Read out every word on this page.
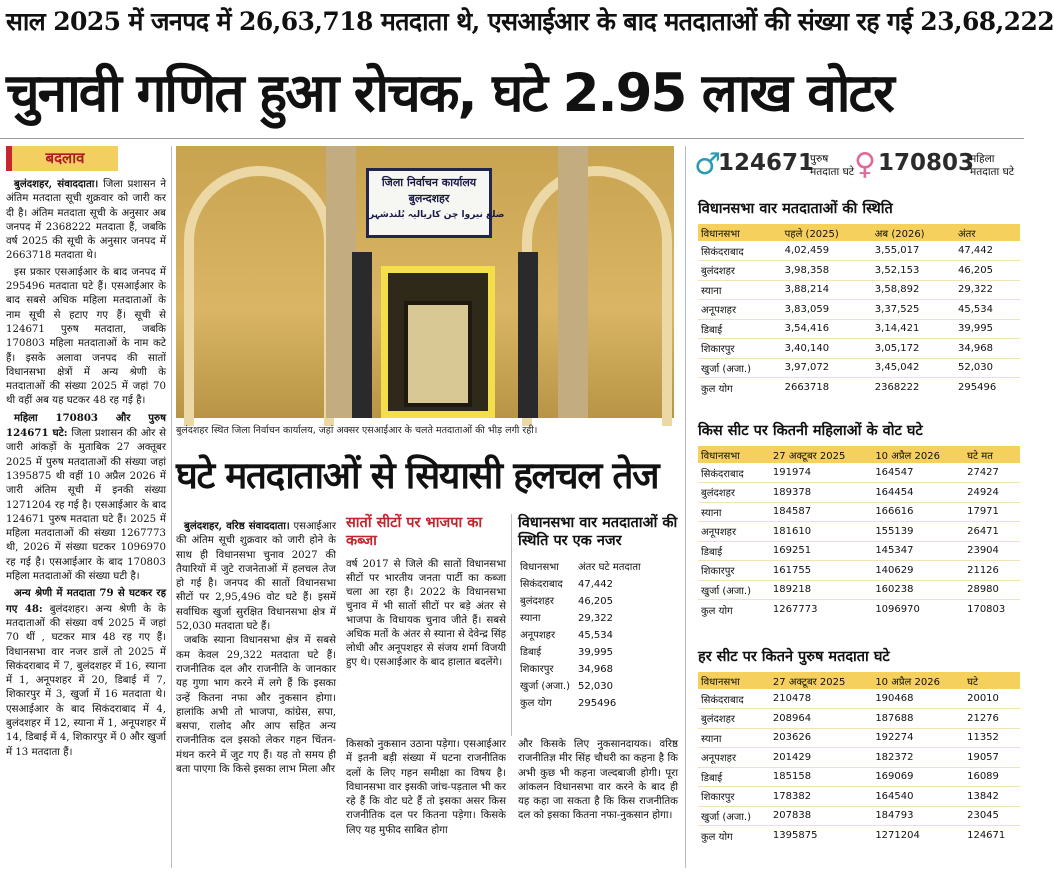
साल 2025 में जनपद में 26,63,718 मतदाता थे, एसआईआर के बाद मतदाताओं की संख्या रह गई 23,68,222
चुनावी गणित हुआ रोचक, घटे 2.95 लाख वोटर
बदलाव

बुलंदशहर, संवाददाता। जिला प्रशासन ने अंतिम मतदाता सूची शुक्रवार को जारी कर दी है। अंतिम मतदाता सूची के अनुसार अब जनपद में 2368222 मतदाता हैं, जबकि वर्ष 2025 की सूची के अनुसार जनपद में 2663718 मतदाता थे।

इस प्रकार एसआईआर के बाद जनपद में 295496 मतदाता घटे हैं। एसआईआर के बाद सबसे अधिक महिला मतदाताओं के नाम सूची से हटाए गए हैं। सूची से 124671 पुरुष मतदाता, जबकि 170803 महिला मतदाताओं के नाम कटे हैं। इसके अलावा जनपद की सातों विधानसभा क्षेत्रों में अन्य श्रेणी के मतदाताओं की संख्या 2025 में जहां 70 थी वहीं अब यह घटकर 48 रह गई है।

महिला 170803 और पुरुष 124671 घटे: जिला प्रशासन की ओर से जारी आंकड़ों के मुताबिक 27 अक्तूबर 2025 में पुरुष मतदाताओं की संख्या जहां 1395875 थी वहीं 10 अप्रैल 2026 में जारी अंतिम सूची में इनकी संख्या 1271204 रह गई है। एसआईआर के बाद 124671 पुरुष मतदाता घटे हैं। 2025 में महिला मतदाताओं की संख्या 1267773 थी, 2026 में संख्या घटकर 1096970 रह गई है। एसआईआर के बाद 170803 महिला मतदाताओं की संख्या घटी है।

अन्य श्रेणी में मतदाता 79 से घटकर रह गए 48: बुलंदशहर। अन्य श्रेणी के के मतदाताओं की संख्या वर्ष 2025 में जहां 70 थीं , घटकर मात्र 48 रह गए हैं। विधानसभा वार नजर डालें तो 2025 में सिकंदराबाद में 7, बुलंदशहर में 16, स्याना में 1, अनूपशहर में 20, डिबाई में 7, शिकारपुर में 3, खुर्जा में 16 मतदाता थे। एसआईआर के बाद सिकंदराबाद में 4, बुलंदशहर में 12, स्याना में 1, अनूपशहर में 14, डिबाई में 4, शिकारपुर में 0 और खुर्जा में 13 मतदाता हैं।

जिला निर्वाचन कार्यालय
बुलन्दशहर
ضلع نیروا چن کاریالیہ بُلندشہر
बुलंदशहर स्थित जिला निर्वाचन कार्यालय, जहां अक्सर एसआईआर के चलते मतदाताओं की भीड़ लगी रही।
घटे मतदाताओं से सियासी हलचल तेज

बुलंदशहर, वरिष्ठ संवाददाता। एसआईआर की अंतिम सूची शुक्रवार को जारी होने के साथ ही विधानसभा चुनाव 2027 की तैयारियों में जुटे राजनेताओं में हलचल तेज हो गई है। जनपद की सातों विधानसभा सीटों पर 2,95,496 वोट घटे हैं। इसमें सर्वाधिक खुर्जा सुरक्षित विधानसभा क्षेत्र में 52,030 मतदाता घटे हैं।

जबकि स्याना विधानसभा क्षेत्र में सबसे कम केवल 29,322 मतदाता घटे हैं। राजनीतिक दल और राजनीति के जानकार यह गुणा भाग करने में लगे हैं कि इसका उन्हें कितना नफा और नुकसान होगा। हालांकि अभी तो भाजपा, कांग्रेस, सपा, बसपा, रालोद और आप सहित अन्य राजनीतिक दल इसको लेकर गहन चिंतन-मंथन करने में जुट गए हैं। यह तो समय ही बता पाएगा कि किसे इसका लाभ मिला और

सातों सीटों पर भाजपा का कब्जा
वर्ष 2017 से जिले की सातों विधानसभा सीटों पर भारतीय जनता पार्टी का कब्जा चला आ रहा है। 2022 के विधानसभा चुनाव में भी सातों सीटों पर बड़े अंतर से भाजपा के विधायक चुनाव जीते हैं। सबसे अधिक मतों के अंतर से स्याना से देवेन्द्र सिंह लोधी और अनूपशहर से संजय शर्मा विजयी हुए थे। एसआईआर के बाद हालात बदलेंगे।
विधानसभा वार मतदाताओं की स्थिति पर एक नजर
विधानसभा	अंतर घटे मतदाता
सिकंदराबाद	47,442
बुलंदशहर	46,205
स्याना	29,322
अनूपशहर	45,534
डिबाई	39,995
शिकारपुर	34,968
खुर्जा (अजा.)	52,030
कुल योग	295496
किसको नुकसान उठाना पड़ेगा। एसआईआर में इतनी बड़ी संख्या में घटना राजनीतिक दलों के लिए गहन समीक्षा का विषय है। विधानसभा वार इसकी जांच-पड़ताल भी कर रहे हैं कि वोट घटे हैं तो इसका असर किस राजनीतिक दल पर कितना पड़ेगा। किसके लिए यह मुफीद साबित होगा
और किसके लिए नुकसानदायक। वरिष्ठ राजनीतिज्ञ मीर सिंह चौधरी का कहना है कि अभी कुछ भी कहना जल्दबाजी होगी। पूरा आंकलन विधानसभा वार करने के बाद ही यह कहा जा सकता है कि किस राजनीतिक दल को इसका कितना नफा-नुकसान होगा।
♂
124671
पुरुष मतदाता घटे ♀ 170803
महिला मतदाता घटे
विधानसभा वार मतदाताओं की स्थिति
विधानसभा	पहले (2025)	अब (2026)	अंतर
सिकंदराबाद	4,02,459	3,55,017	47,442
बुलंदशहर	3,98,358	3,52,153	46,205
स्याना	3,88,214	3,58,892	29,322
अनूपशहर	3,83,059	3,37,525	45,534
डिबाई	3,54,416	3,14,421	39,995
शिकारपुर	3,40,140	3,05,172	34,968
खुर्जा (अजा.)	3,97,072	3,45,042	52,030
कुल योग	2663718	2368222	295496
किस सीट पर कितनी महिलाओं के वोट घटे
विधानसभा	27 अक्टूबर 2025	10 अप्रैल 2026	घटे मत
सिकंदराबाद	191974	164547	27427
बुलंदशहर	189378	164454	24924
स्याना	184587	166616	17971
अनूपशहर	181610	155139	26471
डिबाई	169251	145347	23904
शिकारपुर	161755	140629	21126
खुर्जा (अजा.)	189218	160238	28980
कुल योग	1267773	1096970	170803
हर सीट पर कितने पुरुष मतदाता घटे
विधानसभा	27 अक्टूबर 2025	10 अप्रैल 2026	घटे
सिकंदराबाद	210478	190468	20010
बुलंदशहर	208964	187688	21276
स्याना	203626	192274	11352
अनूपशहर	201429	182372	19057
डिबाई	185158	169069	16089
शिकारपुर	178382	164540	13842
खुर्जा (अजा.)	207838	184793	23045
कुल योग	1395875	1271204	124671
